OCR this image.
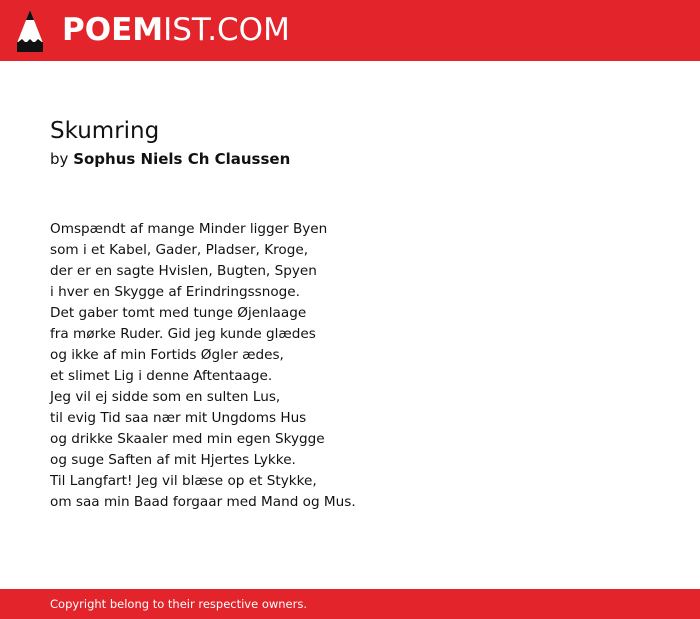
POEMIST.COM
Skumring
by Sophus Niels Ch Claussen
Omspændt af mange Minder ligger Byen
som i et Kabel, Gader, Pladser, Kroge,
der er en sagte Hvislen, Bugten, Spyen
i hver en Skygge af Erindringssnoge.
Det gaber tomt med tunge Øjenlaage
fra mørke Ruder. Gid jeg kunde glædes
og ikke af min Fortids Øgler ædes,
et slimet Lig i denne Aftentaage.
Jeg vil ej sidde som en sulten Lus,
til evig Tid saa nær mit Ungdoms Hus
og drikke Skaaler med min egen Skygge
og suge Saften af mit Hjertes Lykke.
Til Langfart! Jeg vil blæse op et Stykke,
om saa min Baad forgaar med Mand og Mus.
Copyright belong to their respective owners.
